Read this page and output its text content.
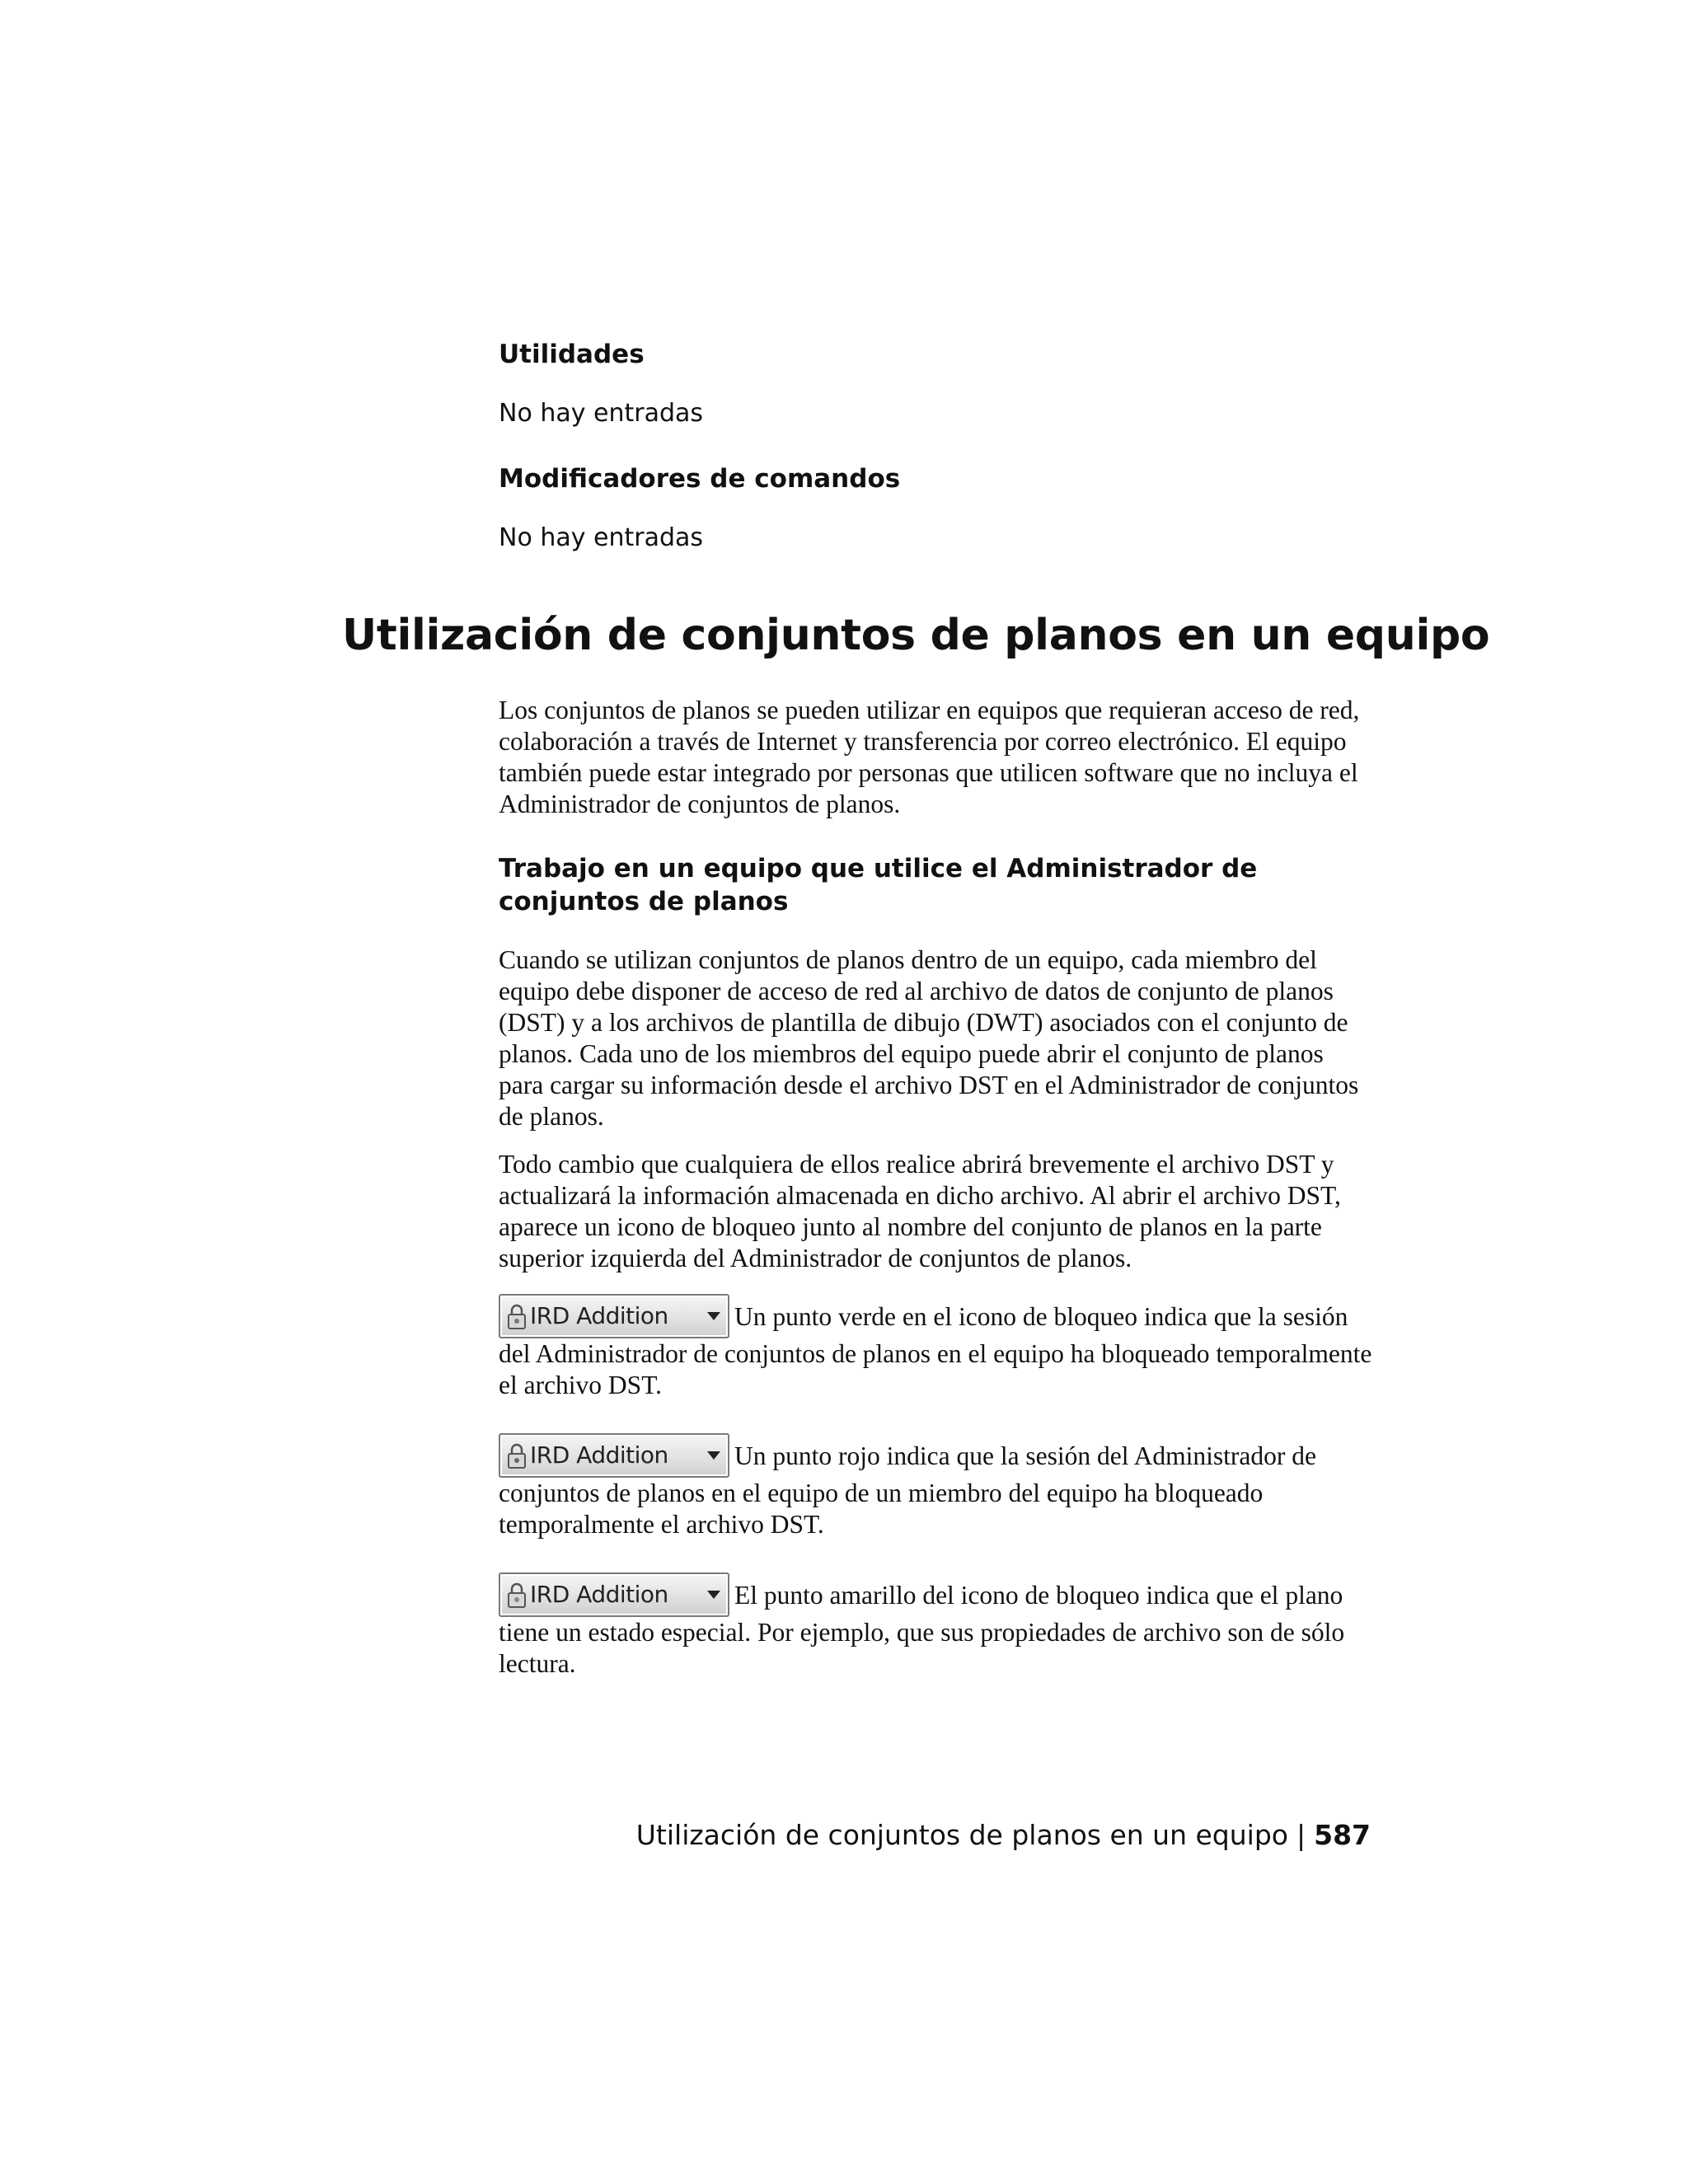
Utilidades

No hay entradas

Modificadores de comandos

No hay entradas

Utilización de conjuntos de planos en un equipo

Los conjuntos de planos se pueden utilizar en equipos que requieran acceso de red, colaboración a través de Internet y transferencia por correo electrónico. El equipo también puede estar integrado por personas que utilicen software que no incluya el Administrador de conjuntos de planos.

Trabajo en un equipo que utilice el Administrador de conjuntos de planos

Cuando se utilizan conjuntos de planos dentro de un equipo, cada miembro del equipo debe disponer de acceso de red al archivo de datos de conjunto de planos (DST) y a los archivos de plantilla de dibujo (DWT) asociados con el conjunto de planos. Cada uno de los miembros del equipo puede abrir el conjunto de planos para cargar su información desde el archivo DST en el Administrador de conjuntos de planos.

Todo cambio que cualquiera de ellos realice abrirá brevemente el archivo DST y actualizará la información almacenada en dicho archivo. Al abrir el archivo DST, aparece un icono de bloqueo junto al nombre del conjunto de planos en la parte superior izquierda del Administrador de conjuntos de planos.

IRD Addition	Un punto verde en el icono de bloqueo indica que la sesión del Administrador de conjuntos de planos en el equipo ha bloqueado temporalmente el archivo DST.

IRD Addition	Un punto rojo indica que la sesión del Administrador de conjuntos de planos en el equipo de un miembro del equipo ha bloqueado temporalmente el archivo DST.

IRD Addition	El punto amarillo del icono de bloqueo indica que el plano tiene un estado especial. Por ejemplo, que sus propiedades de archivo son de sólo lectura.

Utilización de conjuntos de planos en un equipo | 587
